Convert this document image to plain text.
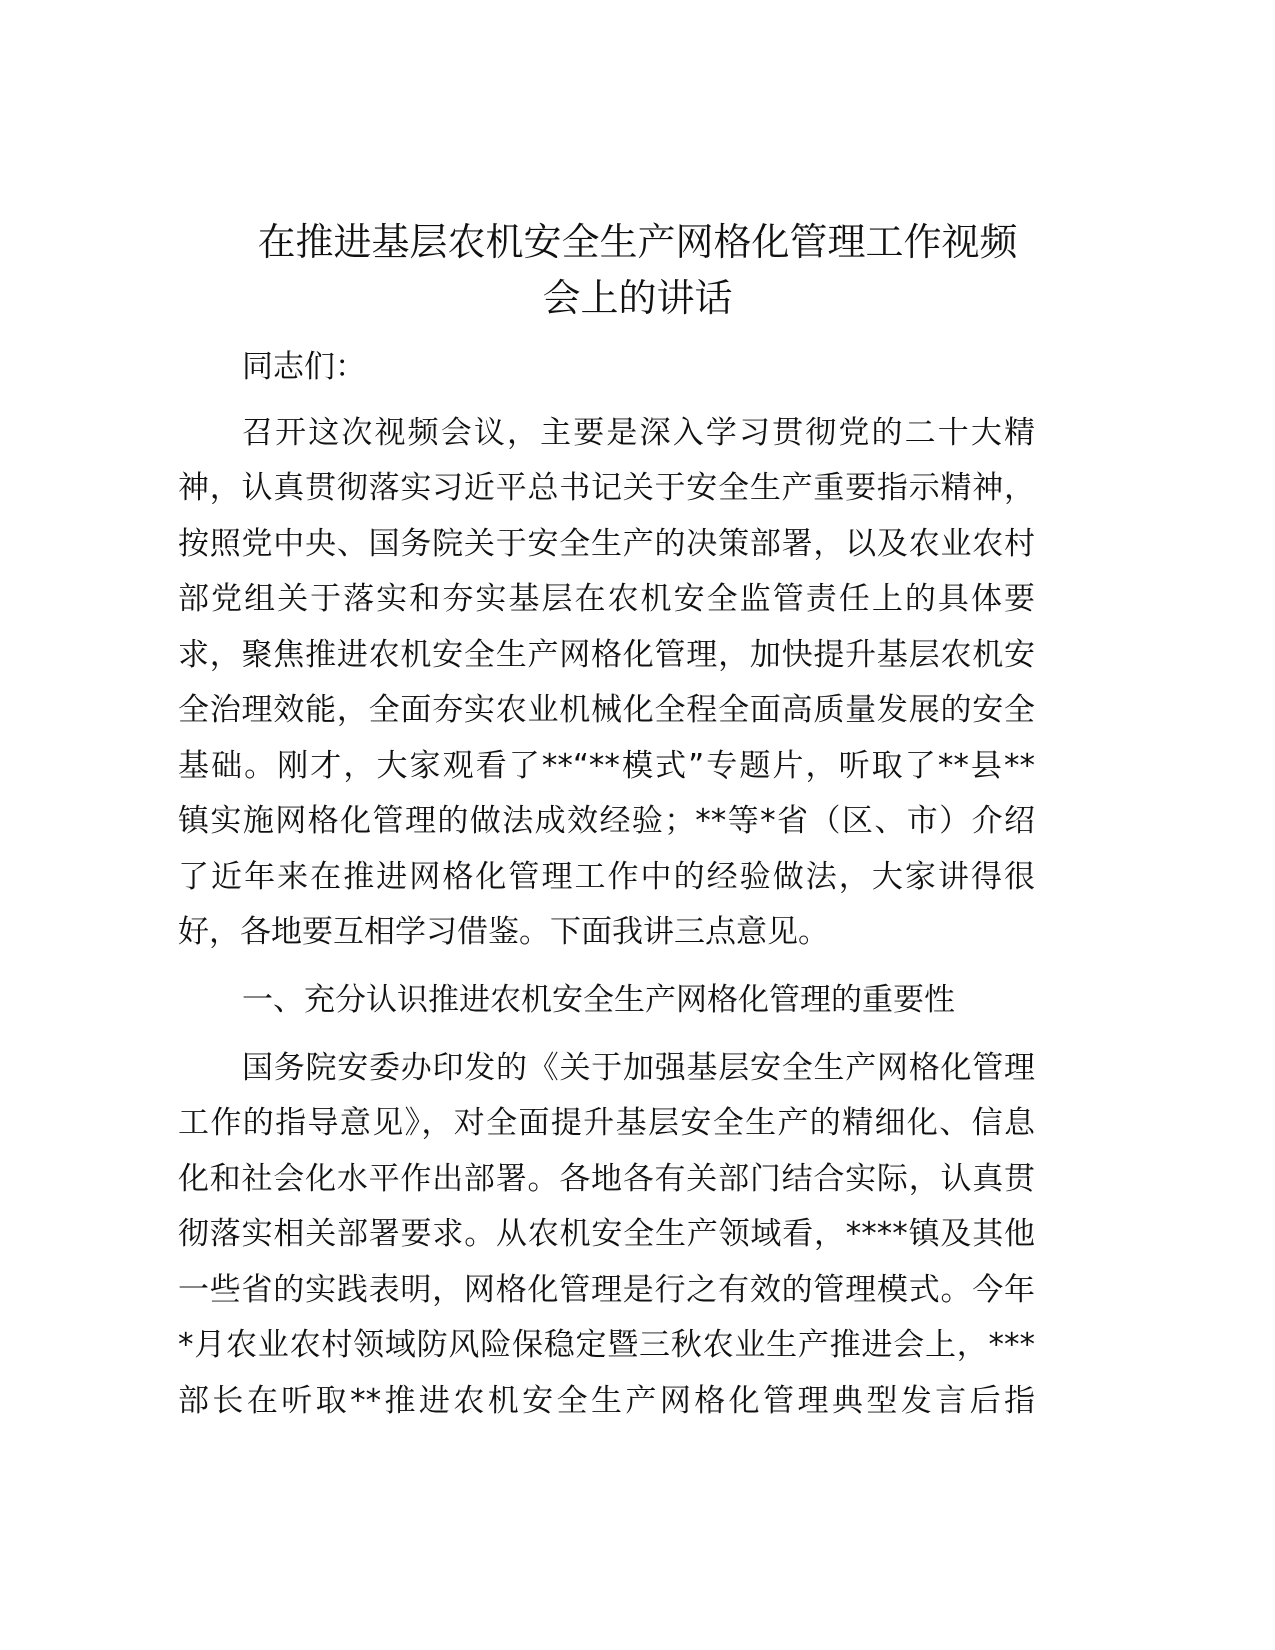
在推进基层农机安全生产网格化管理工作视频
会上的讲话
同志们：
召开这次视频会议，主要是深入学习贯彻党的二十大精
神，认真贯彻落实习近平总书记关于安全生产重要指示精神，
按照党中央、国务院关于安全生产的决策部署，以及农业农村
部党组关于落实和夯实基层在农机安全监管责任上的具体要
求，聚焦推进农机安全生产网格化管理，加快提升基层农机安
全治理效能，全面夯实农业机械化全程全面高质量发展的安全
基础。刚才，大家观看了**“**模式”专题片，听取了**县**
镇实施网格化管理的做法成效经验；**等*省（区、市）介绍
了近年来在推进网格化管理工作中的经验做法，大家讲得很
好，各地要互相学习借鉴。下面我讲三点意见。
一、充分认识推进农机安全生产网格化管理的重要性
国务院安委办印发的《关于加强基层安全生产网格化管理
工作的指导意见》，对全面提升基层安全生产的精细化、信息
化和社会化水平作出部署。各地各有关部门结合实际，认真贯
彻落实相关部署要求。从农机安全生产领域看，****镇及其他
一些省的实践表明，网格化管理是行之有效的管理模式。今年
*月农业农村领域防风险保稳定暨三秋农业生产推进会上，***
部长在听取**推进农机安全生产网格化管理典型发言后指
